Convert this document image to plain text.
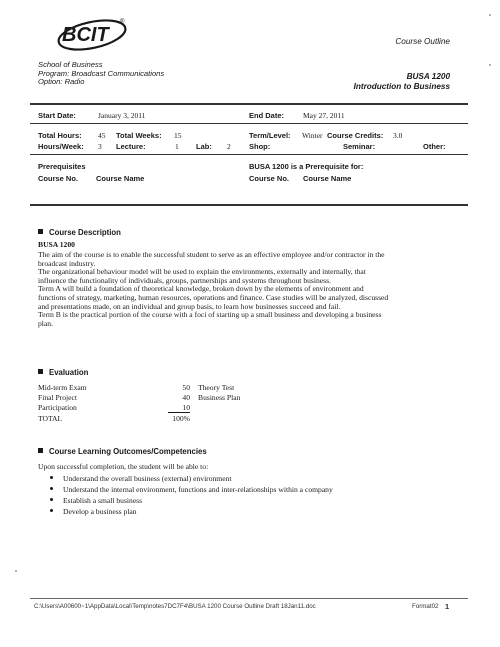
BCIT
®
Course Outline
School of Business
Program: Broadcast Communications
Option: Radio
BUSA 1200
Introduction to Business
Start Date:	January 3, 2011	End Date:	May 27, 2011
Total Hours: 45 Total Weeks: 15	Term/Level: Winter Course Credits: 3.0
Hours/Week: 3 Lecture:	1 Lab: 2 Shop:	Seminar:	Other:
Prerequisites	BUSA 1200 is a Prerequisite for:
Course No. Course Name	Course No. Course Name
Course Description
BUSA 1200
The aim of the course is to enable the successful student to serve as an effective employee and/or contractor in the
broadcast industry.
The organizational behaviour model will be used to explain the environments, externally and internally, that
influence the functionality of individuals, groups, partnerships and systems throughout business.
Term A will build a foundation of theoretical knowledge, broken down by the elements of environment and
functions of strategy, marketing, human resources, operations and finance. Case studies will be analyzed, discussed
and presentations made, on an individual and group basis, to learn how businesses succeed and fail.
Term B is the practical portion of the course with a foci of starting up a small business and developing a business
plan.
Evaluation
Mid-term Exam	50 Theory Test
Final Project	40 Business Plan
Participation	10
TOTAL	100%
Course Learning Outcomes/Competencies
Upon successful completion, the student will be able to:
Understand the overall business (external) environment
Understand the internal environment, functions and inter-relationships within a company
Establish a small business
Develop a business plan
C:\Users\A00600~1\AppData\Local\Temp\notes7DC7F4\BUSA 1200 Course Outline Draft 18Jan11.doc	Format02 1
